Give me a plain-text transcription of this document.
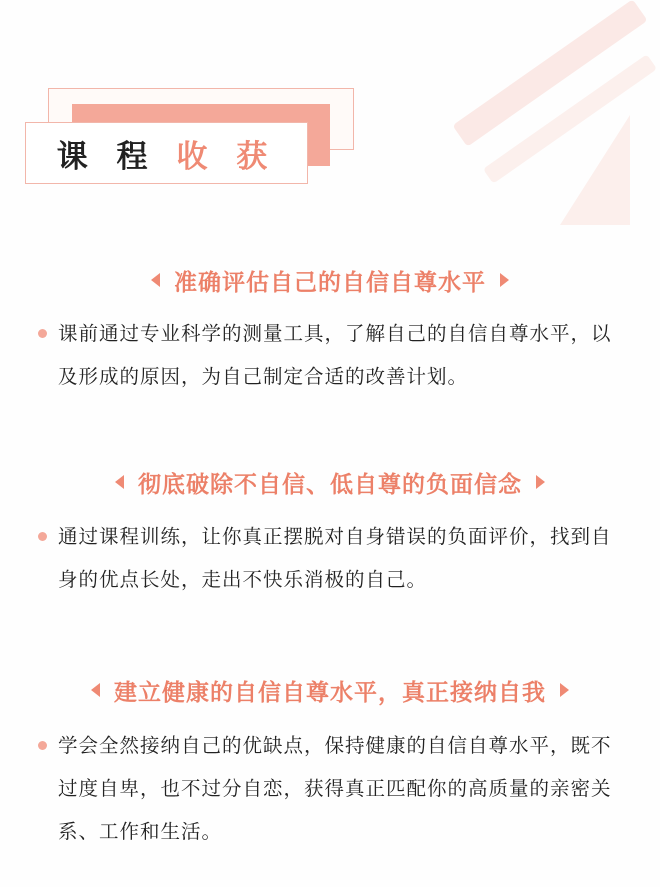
课 程 收 获
准确评估自己的自信自尊水平
课前通过专业科学的测量工具，了解自己的自信自尊水平，以及形成的原因，为自己制定合适的改善计划。
彻底破除不自信、低自尊的负面信念
通过课程训练，让你真正摆脱对自身错误的负面评价，找到自身的优点长处，走出不快乐消极的自己。
建立健康的自信自尊水平，真正接纳自我
学会全然接纳自己的优缺点，保持健康的自信自尊水平，既不过度自卑，也不过分自恋，获得真正匹配你的高质量的亲密关系、工作和生活。
